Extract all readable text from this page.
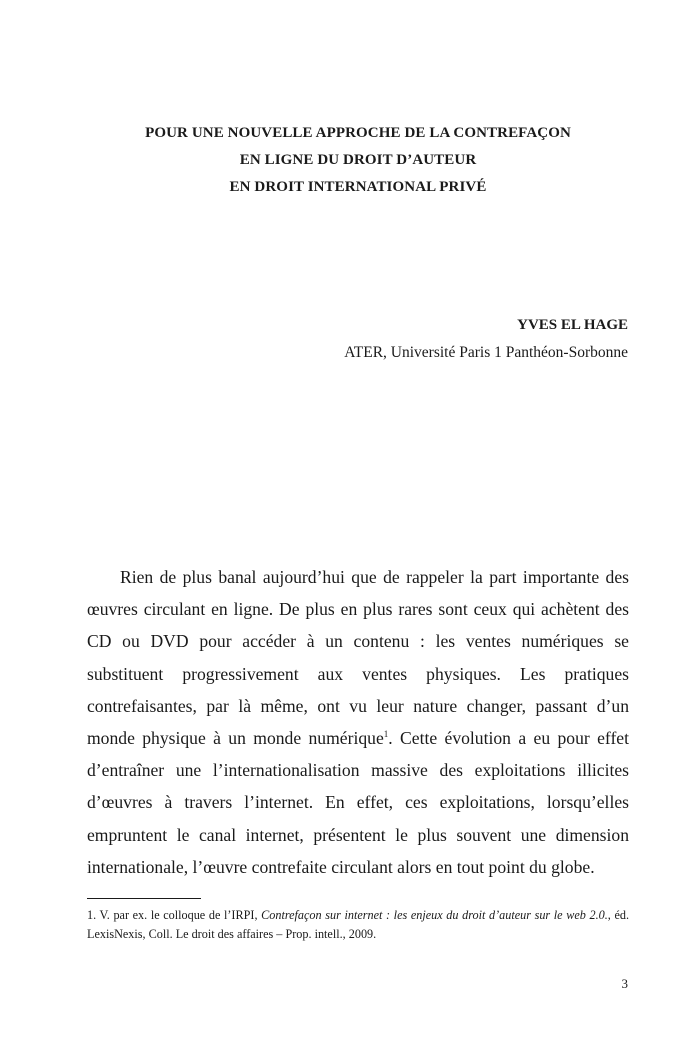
POUR UNE NOUVELLE APPROCHE DE LA CONTREFAÇON
EN LIGNE DU DROIT D’AUTEUR
EN DROIT INTERNATIONAL PRIVÉ
YVES EL HAGE
ATER, Université Paris 1 Panthéon-Sorbonne
Rien de plus banal aujourd’hui que de rappeler la part importante des œuvres circulant en ligne. De plus en plus rares sont ceux qui achètent des CD ou DVD pour accéder à un contenu : les ventes numériques se substituent progressivement aux ventes physiques. Les pratiques contrefaisantes, par là même, ont vu leur nature changer, passant d’un monde physique à un monde numérique$^1$. Cette évolution a eu pour effet d’entraîner une l’internationalisation massive des exploitations illicites d’œuvres à travers l’internet. En effet, ces exploitations, lorsqu’elles empruntent le canal internet, présentent le plus souvent une dimension internationale, l’œuvre contrefaite circulant alors en tout point du globe.
1. V. par ex. le colloque de l’IRPI, Contrefaçon sur internet : les enjeux du droit d’auteur sur le web 2.0., éd. LexisNexis, Coll. Le droit des affaires – Prop. intell., 2009.
3
